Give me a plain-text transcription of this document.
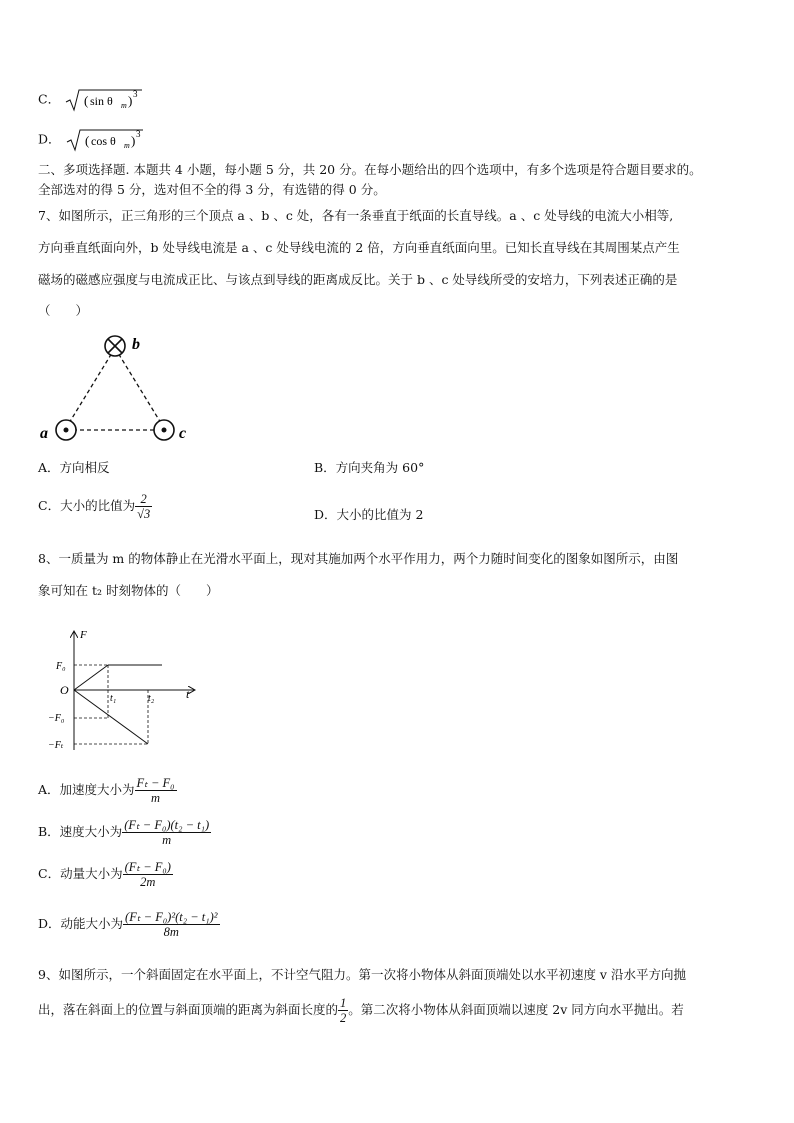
C． ( sin θ m ) 3
D． ( cos θ m ) 3
二、多项选择题. 本题共 4 小题，每小题 5 分，共 20 分。在每小题给出的四个选项中，有多个选项是符合题目要求的。
全部选对的得 5 分，选对但不全的得 3 分，有选错的得 0 分。
7、如图所示，正三角形的三个顶点 a 、b 、c 处，各有一条垂直于纸面的长直导线。a 、c 处导线的电流大小相等,
方向垂直纸面向外，b 处导线电流是 a 、c 处导线电流的 2 倍，方向垂直纸面向里。已知长直导线在其周围某点产生
磁场的磁感应强度与电流成正比、与该点到导线的距离成反比。关于 b 、c 处导线所受的安培力，下列表述正确的是
（　　）
b
a	c
A．方向相反	B．方向夹角为 60°
C．大小的比值为 $\frac{2}{√3}$	D．大小的比值为 2
8、一质量为 m 的物体静止在光滑水平面上，现对其施加两个水平作用力，两个力随时间变化的图象如图所示，由图
象可知在 t₂ 时刻物体的（　　）
F
t
O
F₀
−F₀
−Fₜ
t₁	t₂
A．加速度大小为 $\frac{\text{Fₜ − F₀}}{m}$
B．速度大小为 $\frac{\text{(Fₜ − F₀)(t₂ − t₁)}}{m}$
C．动量大小为 $\frac{\text{(Fₜ − F₀)}}{2m}$
D．动能大小为 $\frac{\text{(Fₜ − F₀)²(t₂ − t₁)²}}{8m}$
9、如图所示，一个斜面固定在水平面上，不计空气阻力。第一次将小物体从斜面顶端处以水平初速度 v 沿水平方向抛
出，落在斜面上的位置与斜面顶端的距离为斜面长度的 $\frac{1}{2}$ 。第二次将小物体从斜面顶端以速度 2v 同方向水平抛出。若
